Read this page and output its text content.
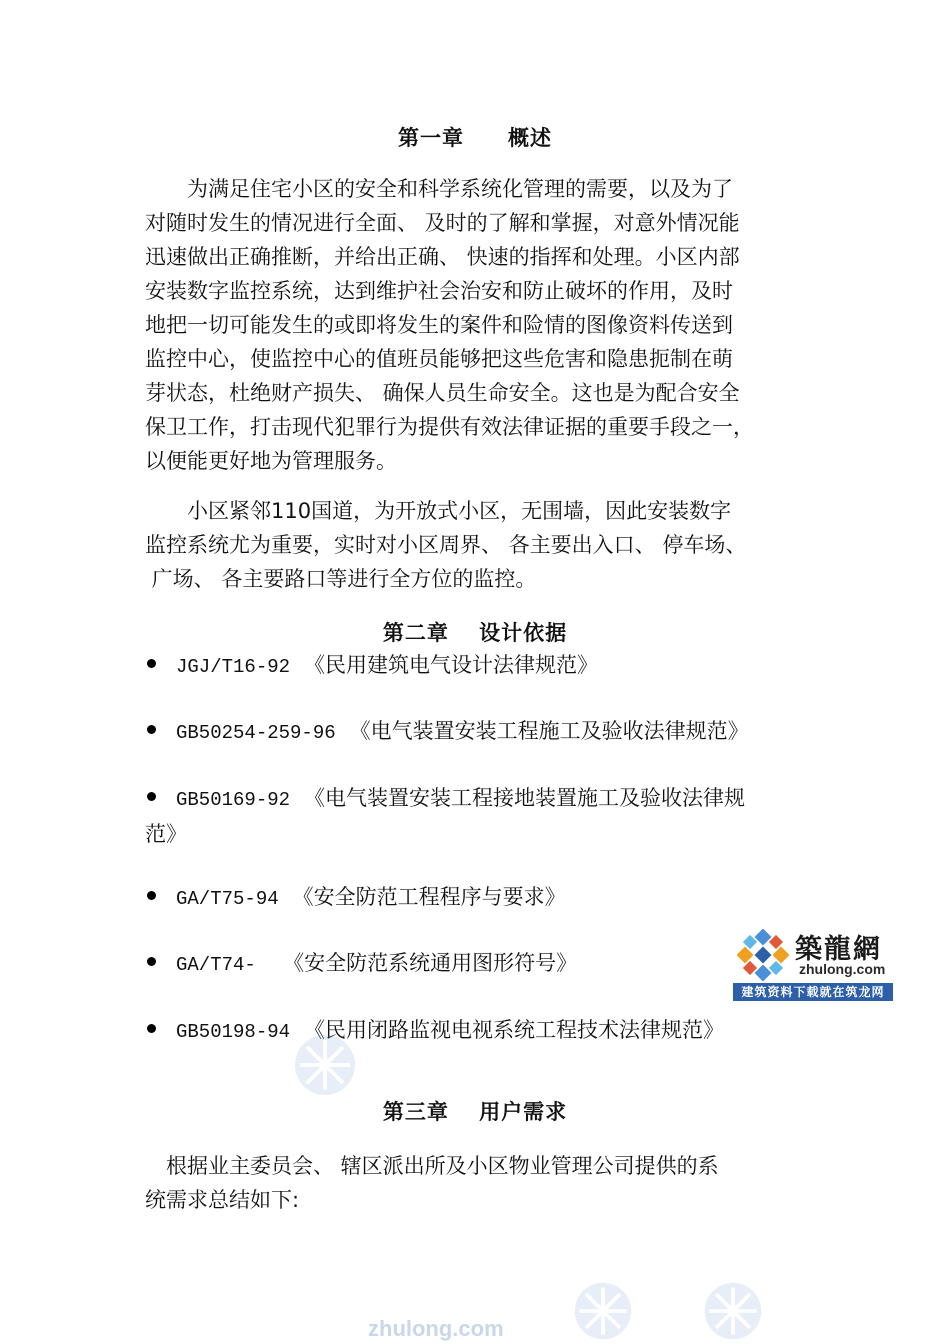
第一章　　概述
　　为满足住宅小区的安全和科学系统化管理的需要，以及为了
对随时发生的情况进行全面、 及时的了解和掌握，对意外情况能
迅速做出正确推断，并给出正确、 快速的指挥和处理。小区内部
安装数字监控系统，达到维护社会治安和防止破坏的作用，及时
地把一切可能发生的或即将发生的案件和险情的图像资料传送到
监控中心，使监控中心的值班员能够把这些危害和隐患扼制在萌
芽状态，杜绝财产损失、 确保人员生命安全。这也是为配合安全
保卫工作，打击现代犯罪行为提供有效法律证据的重要手段之一，
以便能更好地为管理服务。
　　小区紧邻110国道，为开放式小区，无围墙，因此安装数字
监控系统尤为重要，实时对小区周界、 各主要出入口、 停车场、
广场、 各主要路口等进行全方位的监控。
第二章　 设计依据
JGJ/T16-92 《民用建筑电气设计法律规范》
GB50254-259-96 《电气装置安装工程施工及验收法律规范》
GB50169-92 《电气装置安装工程接地装置施工及验收法律规
范》
GA/T75-94 《安全防范工程程序与要求》
GA/T74-  《安全防范系统通用图形符号》
GB50198-94 《民用闭路监视电视系统工程技术法律规范》
第三章　 用户需求
　根据业主委员会、 辖区派出所及小区物业管理公司提供的系
统需求总结如下:
築龍網
zhulong.com
建筑资料下载就在筑龙网
zhulong.com
